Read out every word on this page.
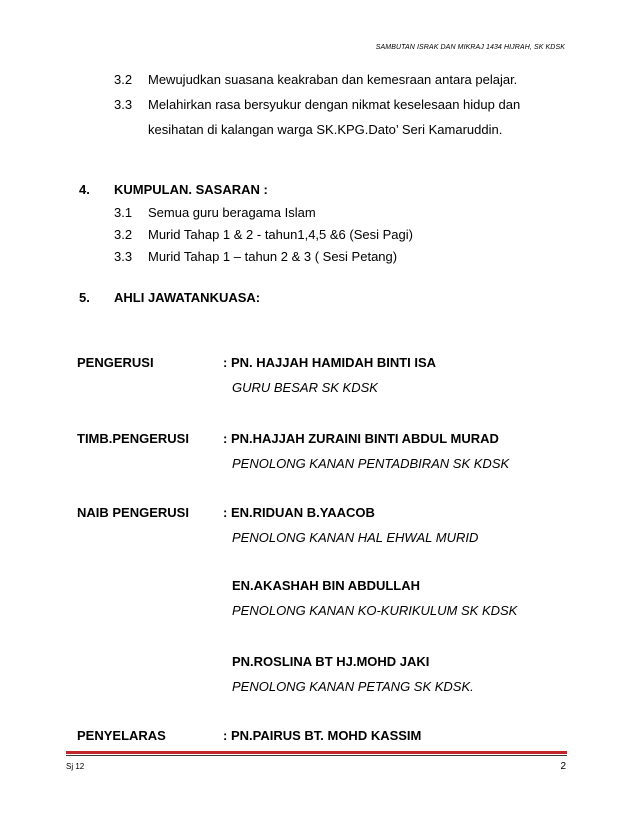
SAMBUTAN ISRAK DAN MIKRAJ 1434 HIJRAH, SK KDSK
3.2 Mewujudkan suasana keakraban dan kemesraan antara pelajar.
3.3 Melahirkan rasa bersyukur dengan nikmat keselesaan hidup dan
kesihatan di kalangan warga SK.KPG.Dato’ Seri Kamaruddin.
4. KUMPULAN. SASARAN :
3.1 Semua guru beragama Islam
3.2 Murid Tahap 1 & 2 - tahun1,4,5 &6 (Sesi Pagi)
3.3 Murid Tahap 1 – tahun 2 & 3 ( Sesi Petang)
5. AHLI JAWATANKUASA:
PENGERUSI	: PN. HAJJAH HAMIDAH BINTI ISA
GURU BESAR SK KDSK
TIMB.PENGERUSI	: PN.HAJJAH ZURAINI BINTI ABDUL MURAD
PENOLONG KANAN PENTADBIRAN SK KDSK
NAIB PENGERUSI	: EN.RIDUAN B.YAACOB
PENOLONG KANAN HAL EHWAL MURID
EN.AKASHAH BIN ABDULLAH
PENOLONG KANAN KO-KURIKULUM SK KDSK
PN.ROSLINA BT HJ.MOHD JAKI
PENOLONG KANAN PETANG SK KDSK.
PENYELARAS	: PN.PAIRUS BT. MOHD KASSIM
Sj 12	2
